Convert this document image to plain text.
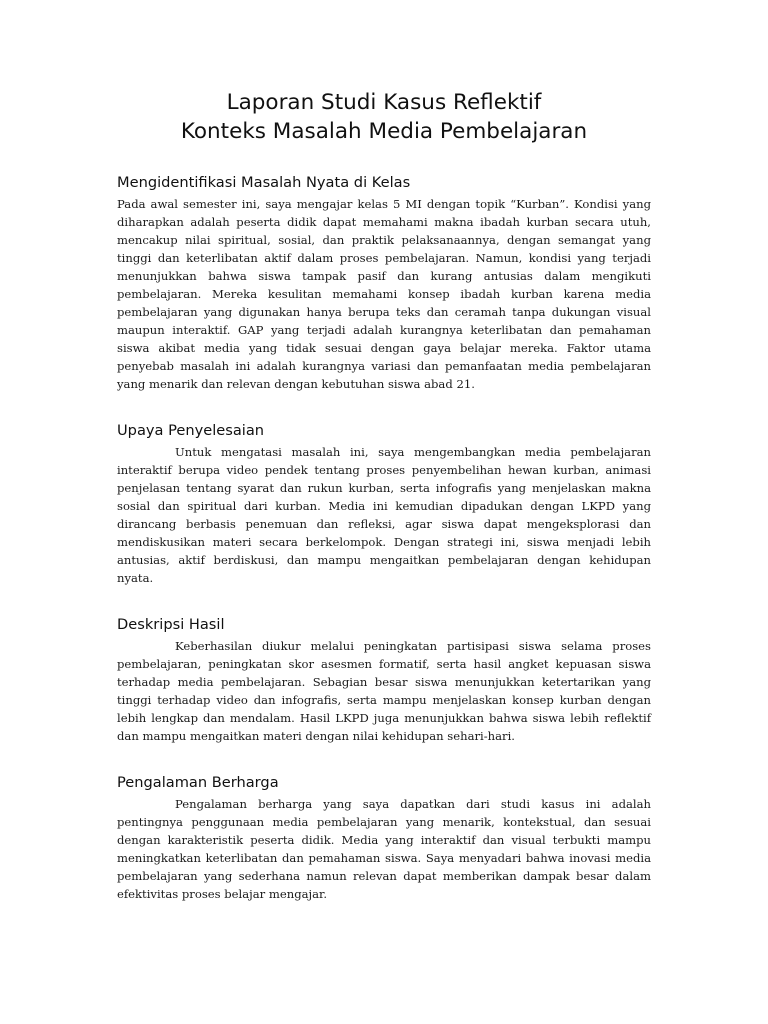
Laporan Studi Kasus Reflektif
Konteks Masalah Media Pembelajaran
Mengidentifikasi Masalah Nyata di Kelas

Pada awal semester ini, saya mengajar kelas 5 MI dengan topik “Kurban”. Kondisi yang diharapkan adalah peserta didik dapat memahami makna ibadah kurban secara utuh, mencakup nilai spiritual, sosial, dan praktik pelaksanaannya, dengan semangat yang tinggi dan keterlibatan aktif dalam proses pembelajaran. Namun, kondisi yang terjadi menunjukkan bahwa siswa tampak pasif dan kurang antusias dalam mengikuti pembelajaran. Mereka kesulitan memahami konsep ibadah kurban karena media pembelajaran yang digunakan hanya berupa teks dan ceramah tanpa dukungan visual maupun interaktif. GAP yang terjadi adalah kurangnya keterlibatan dan pemahaman siswa akibat media yang tidak sesuai dengan gaya belajar mereka. Faktor utama penyebab masalah ini adalah kurangnya variasi dan pemanfaatan media pembelajaran yang menarik dan relevan dengan kebutuhan siswa abad 21.

Upaya Penyelesaian

Untuk mengatasi masalah ini, saya mengembangkan media pembelajaran interaktif berupa video pendek tentang proses penyembelihan hewan kurban, animasi penjelasan tentang syarat dan rukun kurban, serta infografis yang menjelaskan makna sosial dan spiritual dari kurban. Media ini kemudian dipadukan dengan LKPD yang dirancang berbasis penemuan dan refleksi, agar siswa dapat mengeksplorasi dan mendiskusikan materi secara berkelompok. Dengan strategi ini, siswa menjadi lebih antusias, aktif berdiskusi, dan mampu mengaitkan pembelajaran dengan kehidupan nyata.

Deskripsi Hasil

Keberhasilan diukur melalui peningkatan partisipasi siswa selama proses pembelajaran, peningkatan skor asesmen formatif, serta hasil angket kepuasan siswa terhadap media pembelajaran. Sebagian besar siswa menunjukkan ketertarikan yang tinggi terhadap video dan infografis, serta mampu menjelaskan konsep kurban dengan lebih lengkap dan mendalam. Hasil LKPD juga menunjukkan bahwa siswa lebih reflektif dan mampu mengaitkan materi dengan nilai kehidupan sehari-hari.

Pengalaman Berharga

Pengalaman berharga yang saya dapatkan dari studi kasus ini adalah pentingnya penggunaan media pembelajaran yang menarik, kontekstual, dan sesuai dengan karakteristik peserta didik. Media yang interaktif dan visual terbukti mampu meningkatkan keterlibatan dan pemahaman siswa. Saya menyadari bahwa inovasi media pembelajaran yang sederhana namun relevan dapat memberikan dampak besar dalam efektivitas proses belajar mengajar.
